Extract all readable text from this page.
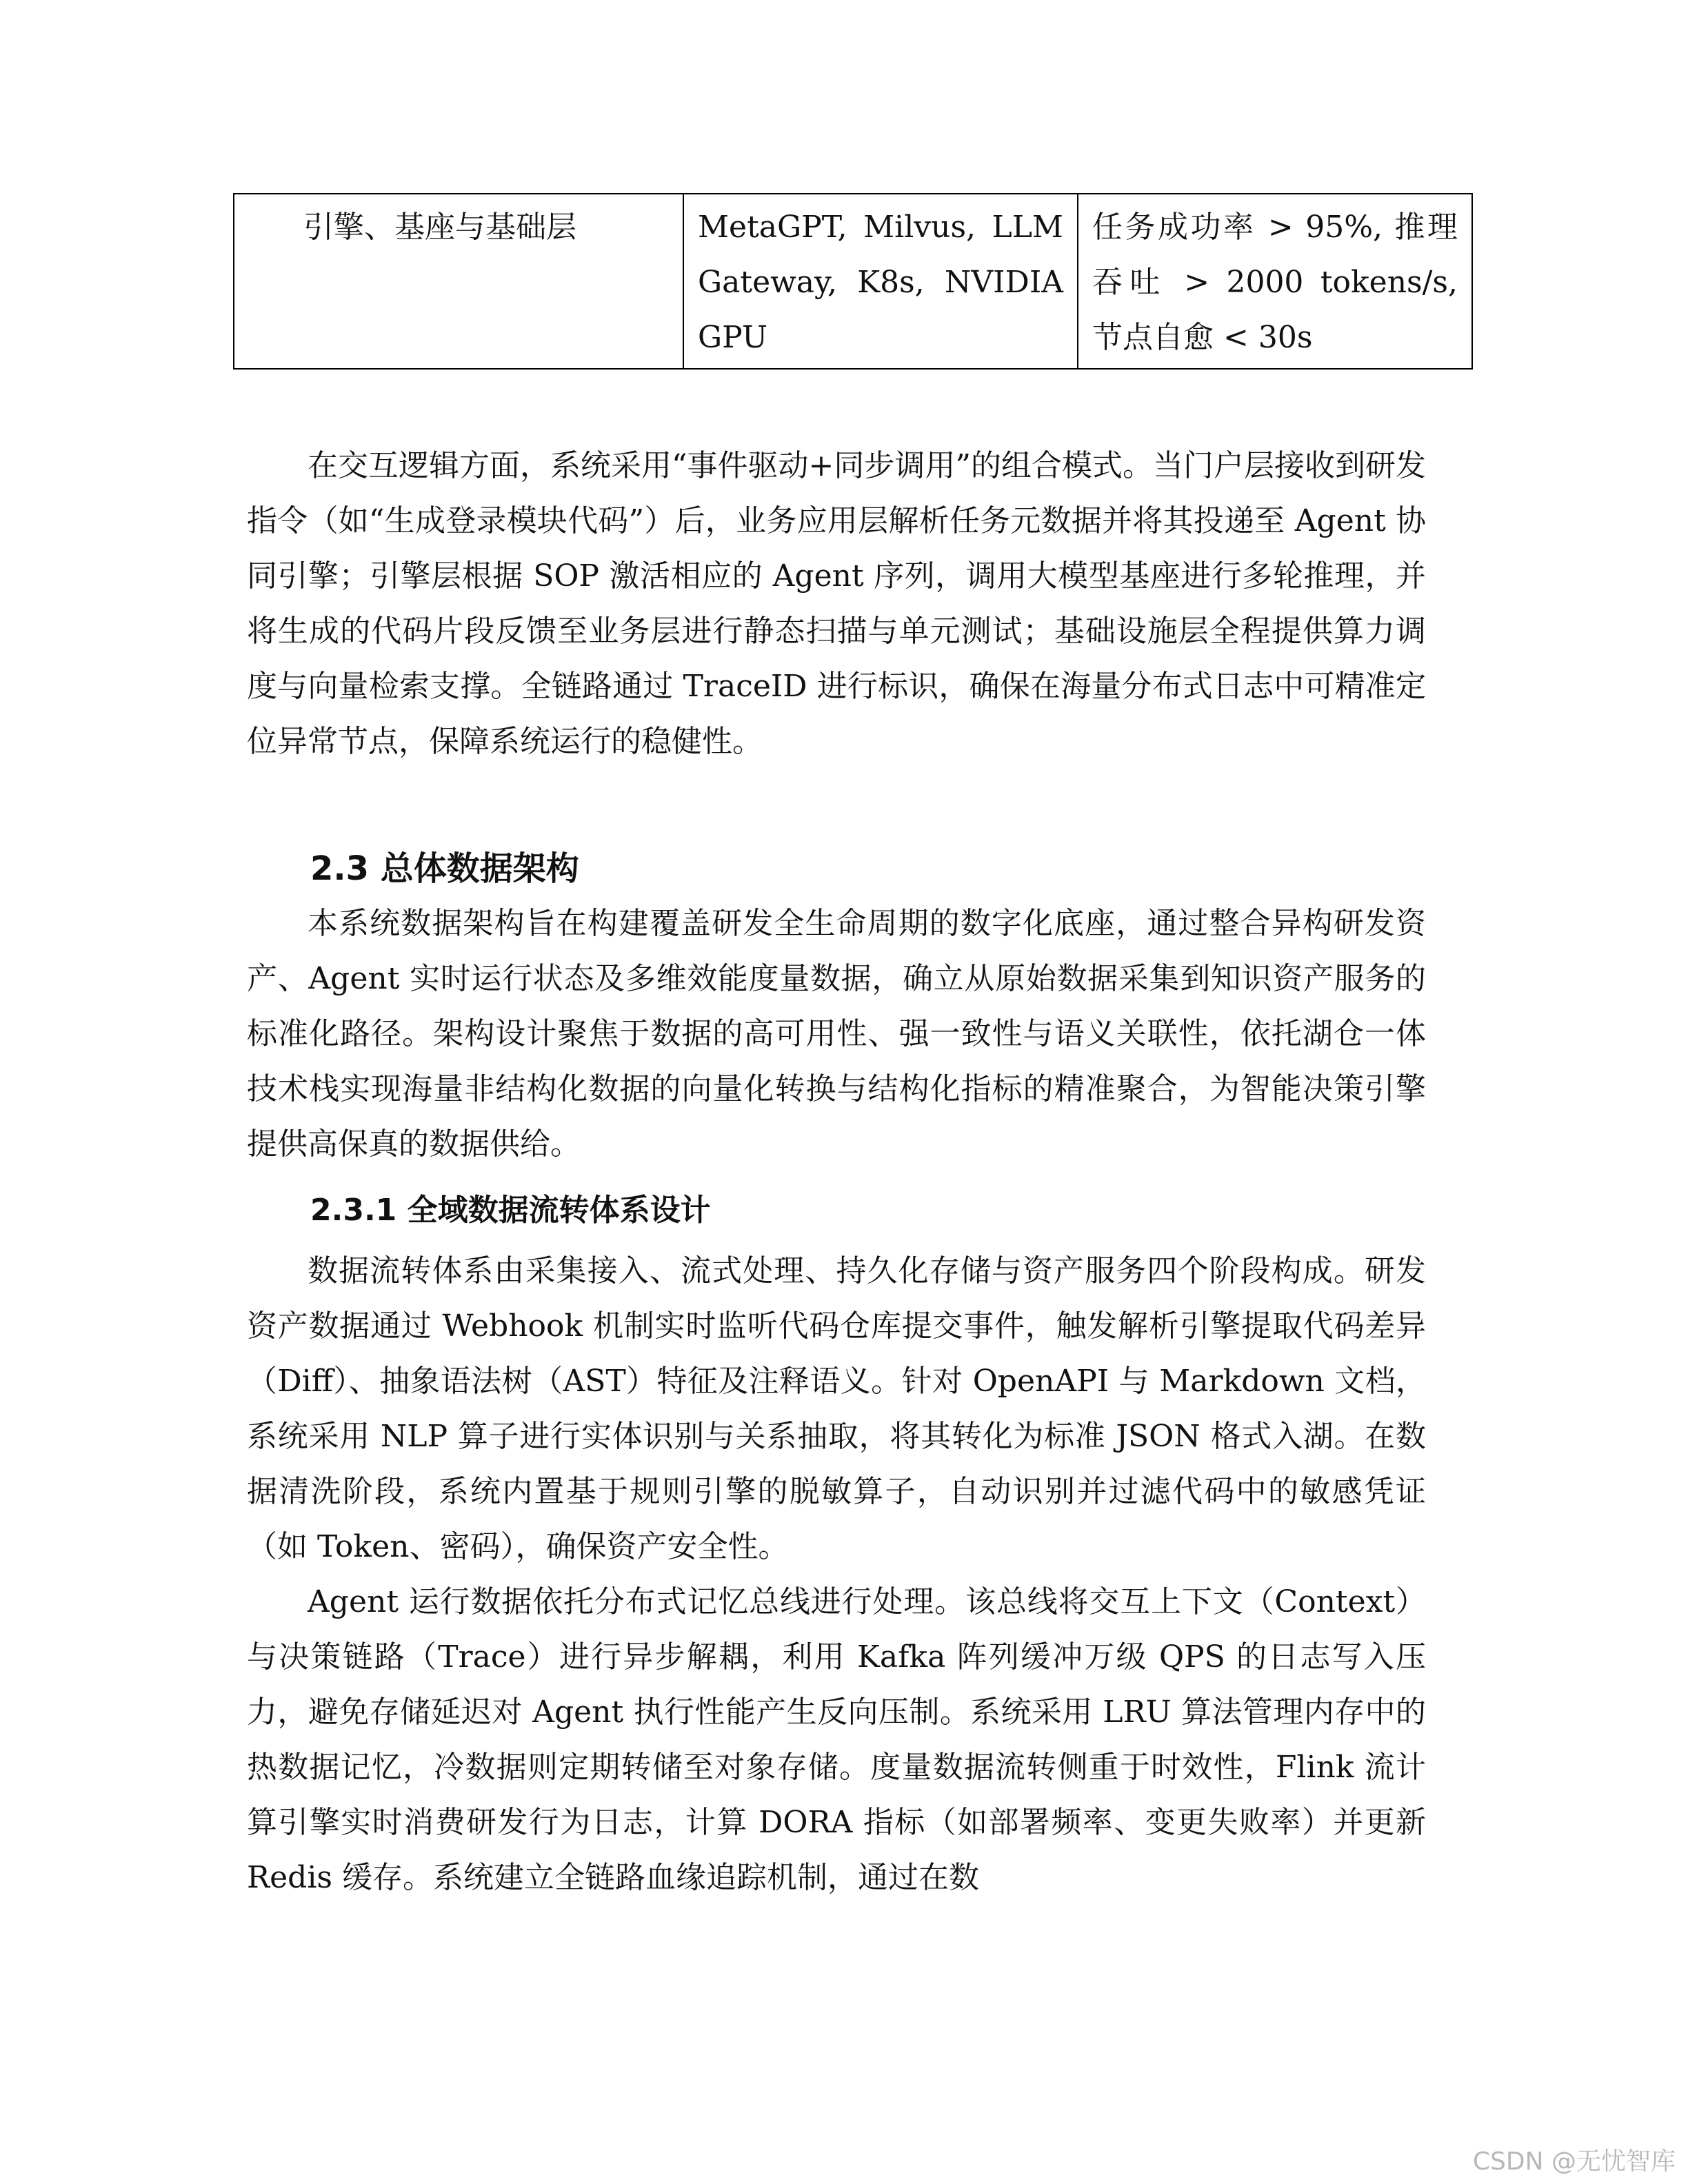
引擎、基座与基础层	MetaGPT, Milvus, LLM Gateway, K8s, NVIDIA GPU	任务成功率 > 95%, 推理吞吐 > 2000 tokens/s, 节点自愈 < 30s

在交互逻辑方面，系统采用“事件驱动+同步调用”的组合模式。当门户层接收到研发指令（如“生成登录模块代码”）后，业务应用层解析任务元数据并将其投递至 Agent 协同引擎；引擎层根据 SOP 激活相应的 Agent 序列，调用大模型基座进行多轮推理，并将生成的代码片段反馈至业务层进行静态扫描与单元测试；基础设施层全程提供算力调度与向量检索支撑。全链路通过 TraceID 进行标识，确保在海量分布式日志中可精准定位异常节点，保障系统运行的稳健性。

2.3 总体数据架构

本系统数据架构旨在构建覆盖研发全生命周期的数字化底座，通过整合异构研发资产、Agent 实时运行状态及多维效能度量数据，确立从原始数据采集到知识资产服务的标准化路径。架构设计聚焦于数据的高可用性、强一致性与语义关联性，依托湖仓一体技术栈实现海量非结构化数据的向量化转换与结构化指标的精准聚合，为智能决策引擎提供高保真的数据供给。

2.3.1 全域数据流转体系设计

数据流转体系由采集接入、流式处理、持久化存储与资产服务四个阶段构成。研发资产数据通过 Webhook 机制实时监听代码仓库提交事件，触发解析引擎提取代码差异（Diff）、抽象语法树（AST）特征及注释语义。针对 OpenAPI 与 Markdown 文档，系统采用 NLP 算子进行实体识别与关系抽取，将其转化为标准 JSON 格式入湖。在数据清洗阶段，系统内置基于规则引擎的脱敏算子，自动识别并过滤代码中的敏感凭证（如 Token、密码），确保资产安全性。

Agent 运行数据依托分布式记忆总线进行处理。该总线将交互上下文（Context）与决策链路（Trace）进行异步解耦，利用 Kafka 阵列缓冲万级 QPS 的日志写入压力，避免存储延迟对 Agent 执行性能产生反向压制。系统采用 LRU 算法管理内存中的热数据记忆，冷数据则定期转储至对象存储。度量数据流转侧重于时效性，Flink 流计算引擎实时消费研发行为日志，计算 DORA 指标（如部署频率、变更失败率）并更新 Redis 缓存。系统建立全链路血缘追踪机制，通过在数

CSDN @无忧智库
